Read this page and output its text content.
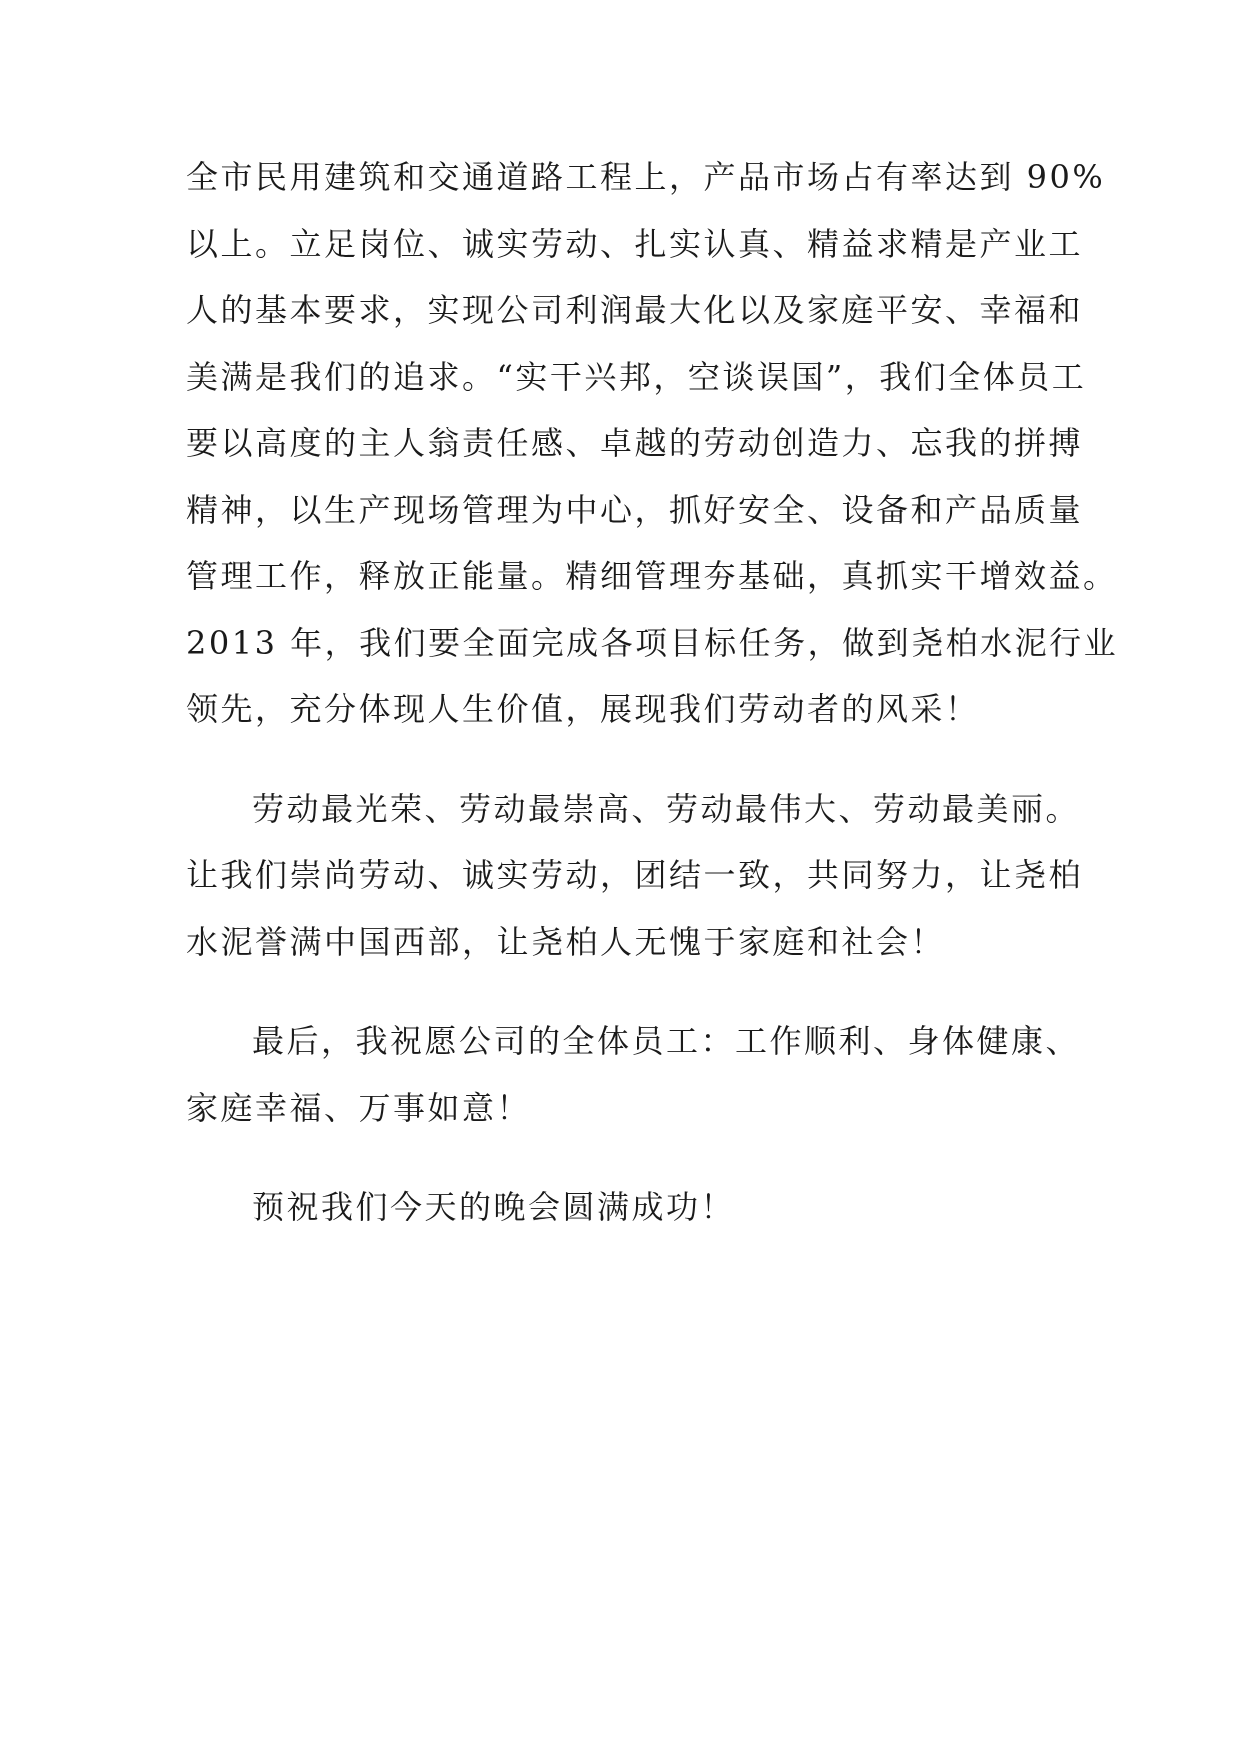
全市民用建筑和交通道路工程上，产品市场占有率达到 90%
以上。立足岗位、诚实劳动、扎实认真、精益求精是产业工
人的基本要求，实现公司利润最大化以及家庭平安、幸福和
美满是我们的追求。“实干兴邦，空谈误国”，我们全体员工
要以高度的主人翁责任感、卓越的劳动创造力、忘我的拼搏
精神，以生产现场管理为中心，抓好安全、设备和产品质量
管理工作，释放正能量。精细管理夯基础，真抓实干增效益。
2013 年，我们要全面完成各项目标任务，做到尧柏水泥行业
领先，充分体现人生价值，展现我们劳动者的风采！
劳动最光荣、劳动最崇高、劳动最伟大、劳动最美丽。
让我们崇尚劳动、诚实劳动，团结一致，共同努力，让尧柏
水泥誉满中国西部，让尧柏人无愧于家庭和社会！
最后，我祝愿公司的全体员工：工作顺利、身体健康、
家庭幸福、万事如意！
预祝我们今天的晚会圆满成功！
